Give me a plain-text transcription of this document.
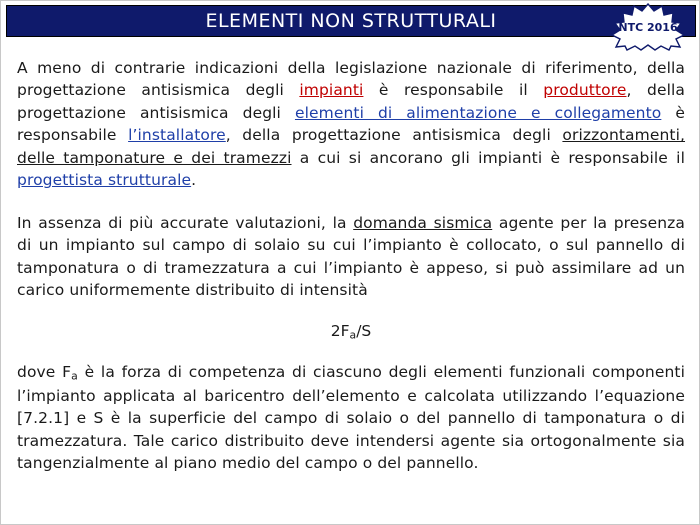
ELEMENTI NON STRUTTURALI	NTC 2016

A meno di contrarie indicazioni della legislazione nazionale di riferimento, della progettazione antisismica degli impianti è responsabile il produttore, della progettazione antisismica degli elementi di alimentazione e collegamento è responsabile l’installatore, della progettazione antisismica degli orizzontamenti, delle tamponature e dei tramezzi a cui si ancorano gli impianti è responsabile il progettista strutturale.

In assenza di più accurate valutazioni, la domanda sismica agente per la presenza di un impianto sul campo di solaio su cui l’impianto è collocato, o sul pannello di tamponatura o di tramezzatura a cui l’impianto è appeso, si può assimilare ad un carico uniformemente distribuito di intensità

$2F_a/S$

dove $F_a$ è la forza di competenza di ciascuno degli elementi funzionali componenti l’impianto applicata al baricentro dell’elemento e calcolata utilizzando l’equazione [7.2.1] e S è la superficie del campo di solaio o del pannello di tamponatura o di tramezzatura. Tale carico distribuito deve intendersi agente sia ortogonalmente sia tangenzialmente al piano medio del campo o del pannello.
